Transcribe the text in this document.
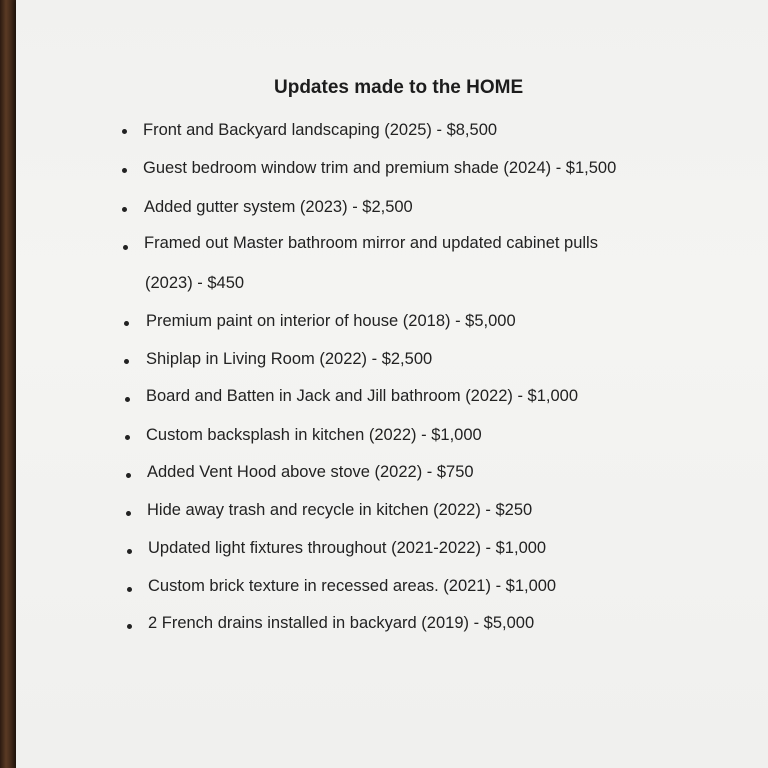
Updates made to the HOME
Front and Backyard landscaping (2025) - $8,500
Guest bedroom window trim and premium shade (2024) - $1,500
Added gutter system (2023) - $2,500
Framed out Master bathroom mirror and updated cabinet pulls
(2023) - $450
Premium paint on interior of house (2018) - $5,000
Shiplap in Living Room (2022) - $2,500
Board and Batten in Jack and Jill bathroom (2022) - $1,000
Custom backsplash in kitchen (2022) - $1,000
Added Vent Hood above stove (2022) - $750
Hide away trash and recycle in kitchen (2022) - $250
Updated light fixtures throughout (2021-2022) - $1,000
Custom brick texture in recessed areas. (2021) - $1,000
2 French drains installed in backyard (2019) - $5,000
